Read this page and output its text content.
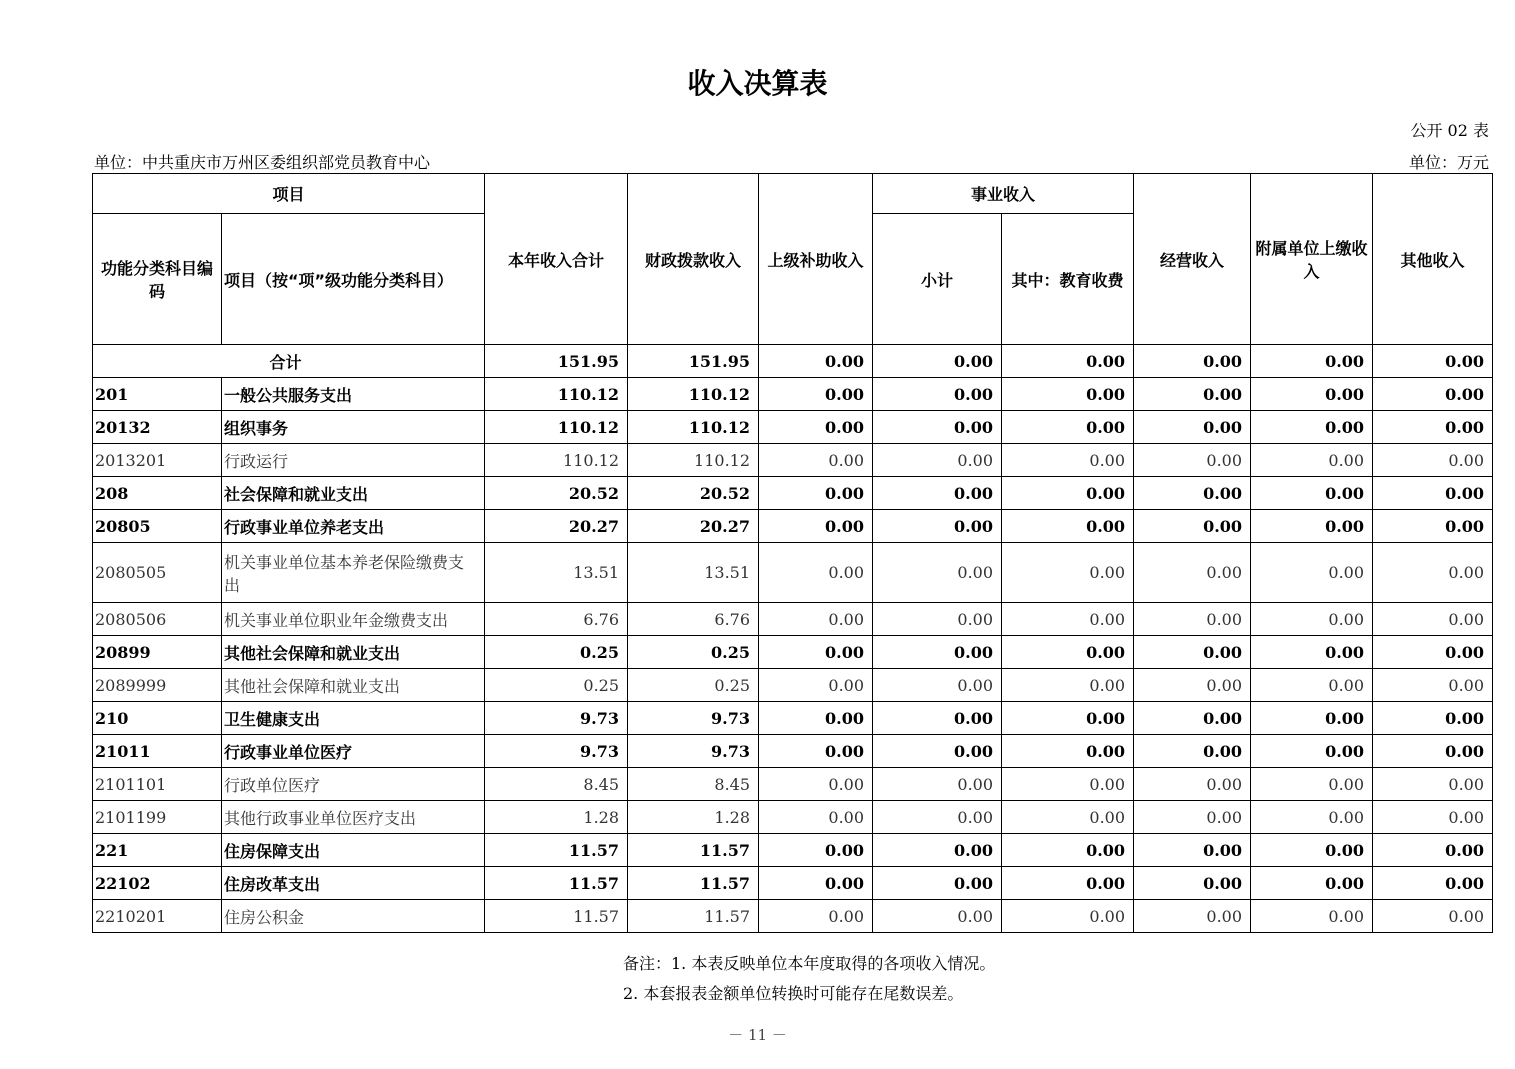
收入决算表
公开 02 表
单位：中共重庆市万州区委组织部党员教育中心	单位：万元
项目		本年收入合计	财政拨款收入	上级补助收入	事业收入		经营收入	附属单位上缴收入	其他收入
功能分类科目编码	项目（按“项”级功能分类科目）				小计	其中：教育收费			
合计		151.95	151.95	0.00	0.00	0.00	0.00	0.00	0.00
201	一般公共服务支出	110.12	110.12	0.00	0.00	0.00	0.00	0.00	0.00
20132	组织事务	110.12	110.12	0.00	0.00	0.00	0.00	0.00	0.00
2013201	行政运行	110.12	110.12	0.00	0.00	0.00	0.00	0.00	0.00
208	社会保障和就业支出	20.52	20.52	0.00	0.00	0.00	0.00	0.00	0.00
20805	行政事业单位养老支出	20.27	20.27	0.00	0.00	0.00	0.00	0.00	0.00
2080505	机关事业单位基本养老保险缴费支出	13.51	13.51	0.00	0.00	0.00	0.00	0.00	0.00
2080506	机关事业单位职业年金缴费支出	6.76	6.76	0.00	0.00	0.00	0.00	0.00	0.00
20899	其他社会保障和就业支出	0.25	0.25	0.00	0.00	0.00	0.00	0.00	0.00
2089999	其他社会保障和就业支出	0.25	0.25	0.00	0.00	0.00	0.00	0.00	0.00
210	卫生健康支出	9.73	9.73	0.00	0.00	0.00	0.00	0.00	0.00
21011	行政事业单位医疗	9.73	9.73	0.00	0.00	0.00	0.00	0.00	0.00
2101101	行政单位医疗	8.45	8.45	0.00	0.00	0.00	0.00	0.00	0.00
2101199	其他行政事业单位医疗支出	1.28	1.28	0.00	0.00	0.00	0.00	0.00	0.00
221	住房保障支出	11.57	11.57	0.00	0.00	0.00	0.00	0.00	0.00
22102	住房改革支出	11.57	11.57	0.00	0.00	0.00	0.00	0.00	0.00
2210201	住房公积金	11.57	11.57	0.00	0.00	0.00	0.00	0.00	0.00
备注：1. 本表反映单位本年度取得的各项收入情况。
2. 本套报表金额单位转换时可能存在尾数误差。
－ 11 －
